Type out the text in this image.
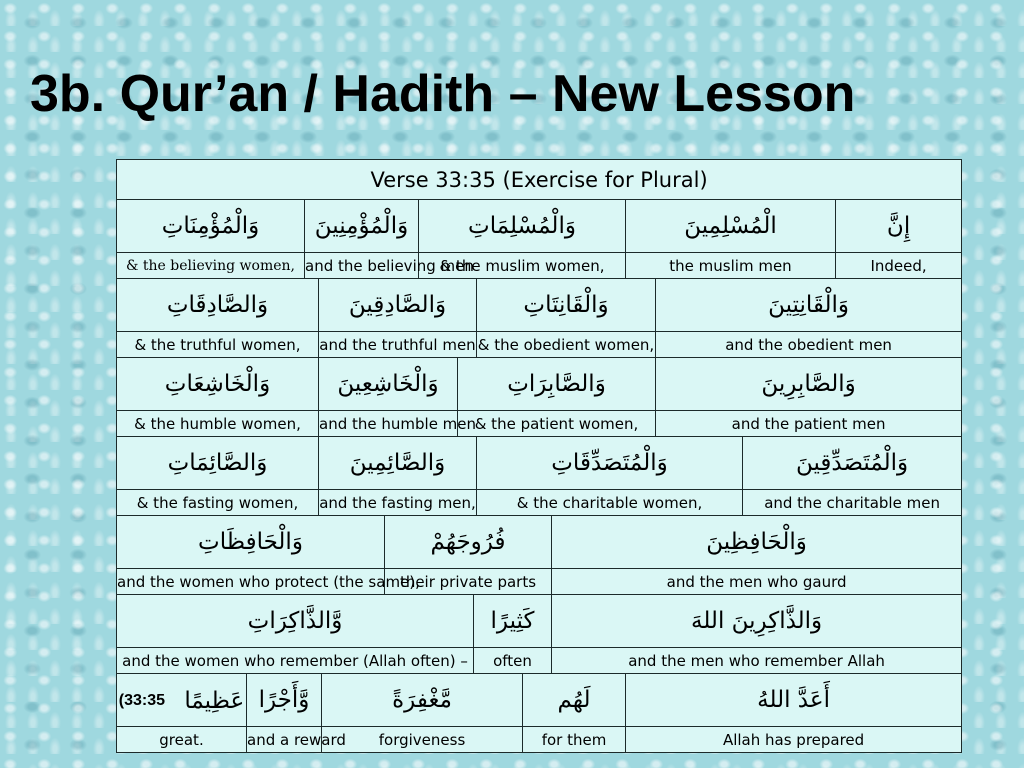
3b. Qur’an / Hadith – New Lesson
Verse 33:35 (Exercise for Plural)															
وَالْمُؤْمِنَاتِ		وَالْمُؤْمِنِينَ				وَالْمُسْلِمَاتِ						الْمُسْلِمِينَ			إِنَّ
& the believing women,		and the believing men				& the muslim women,						the muslim men			Indeed,
وَالصَّادِقَاتِ			وَالصَّادِقِينَ						وَالْقَانِتَاتِ				وَالْقَانِتِينَ		
& the truthful women,			and the truthful men						& the obedient women,				and the obedient men		
وَالْخَاشِعَاتِ			وَالْخَاشِعِينَ				وَالصَّابِرَاتِ						وَالصَّابِرِينَ		
& the humble women,			and the humble men				& the patient women,						and the patient men		
وَالصَّائِمَاتِ			وَالصَّائِمِينَ						وَالْمُتَصَدِّقَاتِ					وَالْمُتَصَدِّقِينَ	
& the fasting women,			and the fasting men,						& the charitable women,					and the charitable men	
وَالْحَافِظَاتِ					فُرُوجَهُمْ						وَالْحَافِظِينَ				
and the women who protect (the same),					their private parts						and the men who gaurd				
وَّالذَّاكِرَاتِ								كَثِيرًا			وَالذَّاكِرِينَ اللهَ				
and the women who remember (Allah often) –								often			and the men who remember Allah				
عَظِيمًا (33:35	وَّأَجْرًا			مَّغْفِرَةً						لَهُم		أَعَدَّ اللهُ			
great.	and a reward			forgiveness						for them		Allah has prepared			
